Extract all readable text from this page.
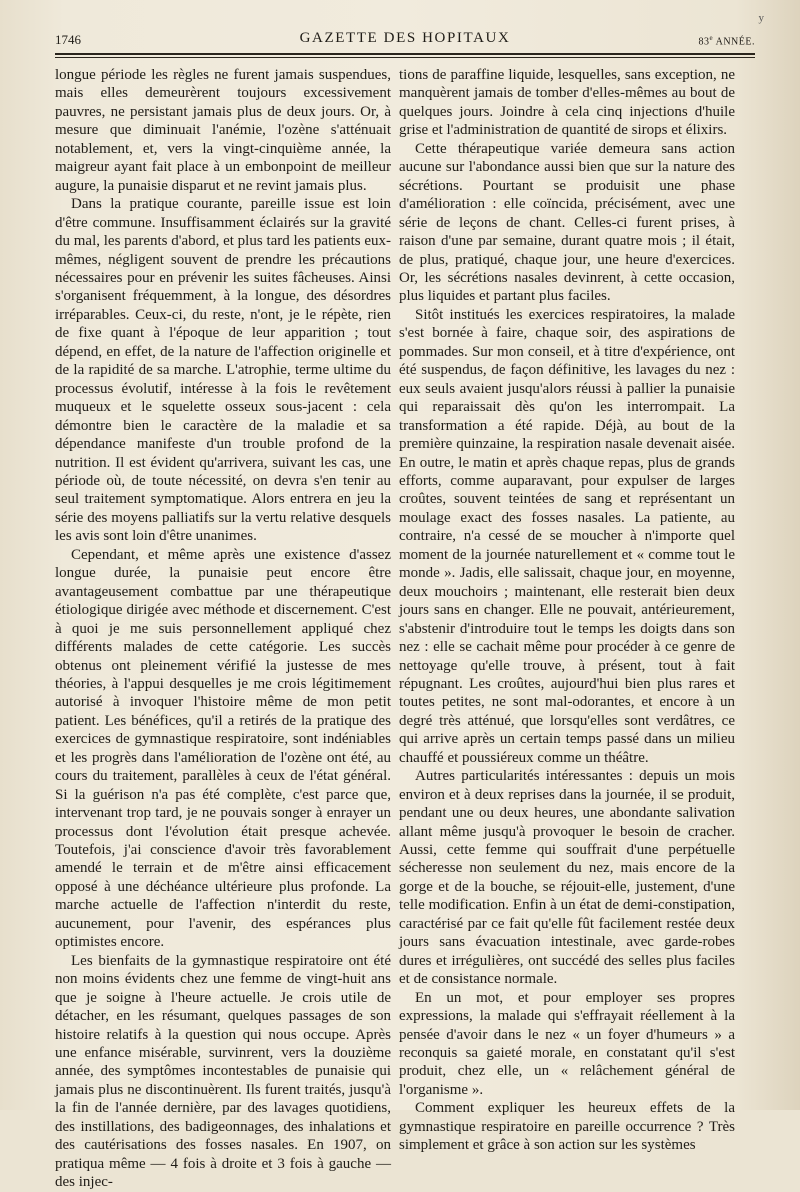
y
1746	GAZETTE DES HOPITAUX	83e ANNÉE.

longue période les règles ne furent jamais suspendues, mais elles demeurèrent toujours excessivement pauvres, ne persistant jamais plus de deux jours. Or, à mesure que diminuait l'anémie, l'ozène s'atténuait notablement, et, vers la vingt-cinquième année, la maigreur ayant fait place à un embonpoint de meilleur augure, la punaisie disparut et ne revint jamais plus.

Dans la pratique courante, pareille issue est loin d'être commune. Insuffisamment éclairés sur la gravité du mal, les parents d'abord, et plus tard les patients eux-mêmes, négligent souvent de prendre les précautions nécessaires pour en prévenir les suites fâcheuses. Ainsi s'organisent fréquemment, à la longue, des désordres irréparables. Ceux-ci, du reste, n'ont, je le répète, rien de fixe quant à l'époque de leur apparition ; tout dépend, en effet, de la nature de l'affection originelle et de la rapidité de sa marche. L'atrophie, terme ultime du processus évolutif, intéresse à la fois le revêtement muqueux et le squelette osseux sous-jacent : cela démontre bien le caractère de la maladie et sa dépendance manifeste d'un trouble profond de la nutrition. Il est évident qu'arrivera, suivant les cas, une période où, de toute nécessité, on devra s'en tenir au seul traitement symptomatique. Alors entrera en jeu la série des moyens palliatifs sur la vertu relative desquels les avis sont loin d'être unanimes.

Cependant, et même après une existence d'assez longue durée, la punaisie peut encore être avantageusement combattue par une thérapeutique étiologique dirigée avec méthode et discernement. C'est à quoi je me suis personnellement appliqué chez différents malades de cette catégorie. Les succès obtenus ont pleinement vérifié la justesse de mes théories, à l'appui desquelles je me crois légitimement autorisé à invoquer l'histoire même de mon petit patient. Les bénéfices, qu'il a retirés de la pratique des exercices de gymnastique respiratoire, sont indéniables et les progrès dans l'amélioration de l'ozène ont été, au cours du traitement, parallèles à ceux de l'état général. Si la guérison n'a pas été complète, c'est parce que, intervenant trop tard, je ne pouvais songer à enrayer un processus dont l'évolution était presque achevée. Toutefois, j'ai conscience d'avoir très favorablement amendé le terrain et de m'être ainsi efficacement opposé à une déchéance ultérieure plus profonde. La marche actuelle de l'affection n'interdit du reste, aucunement, pour l'avenir, des espérances plus optimistes encore.

Les bienfaits de la gymnastique respiratoire ont été non moins évidents chez une femme de vingt-huit ans que je soigne à l'heure actuelle. Je crois utile de détacher, en les résumant, quelques passages de son histoire relatifs à la question qui nous occupe. Après une enfance misérable, survinrent, vers la douzième année, des symptômes incontestables de punaisie qui jamais plus ne discontinuèrent. Ils furent traités, jusqu'à la fin de l'année dernière, par des lavages quotidiens, des instillations, des badigeonnages, des inhalations et des cautérisations des fosses nasales. En 1907, on pratiqua même — 4 fois à droite et 3 fois à gauche — des injec-

tions de paraffine liquide, lesquelles, sans exception, ne manquèrent jamais de tomber d'elles-mêmes au bout de quelques jours. Joindre à cela cinq injections d'huile grise et l'administration de quantité de sirops et élixirs.

Cette thérapeutique variée demeura sans action aucune sur l'abondance aussi bien que sur la nature des sécrétions. Pourtant se produisit une phase d'amélioration : elle coïncida, précisément, avec une série de leçons de chant. Celles-ci furent prises, à raison d'une par semaine, durant quatre mois ; il était, de plus, pratiqué, chaque jour, une heure d'exercices. Or, les sécrétions nasales devinrent, à cette occasion, plus liquides et partant plus faciles.

Sitôt institués les exercices respiratoires, la malade s'est bornée à faire, chaque soir, des aspirations de pommades. Sur mon conseil, et à titre d'expérience, ont été suspendus, de façon définitive, les lavages du nez : eux seuls avaient jusqu'alors réussi à pallier la punaisie qui reparaissait dès qu'on les interrompait. La transformation a été rapide. Déjà, au bout de la première quinzaine, la respiration nasale devenait aisée. En outre, le matin et après chaque repas, plus de grands efforts, comme auparavant, pour expulser de larges croûtes, souvent teintées de sang et représentant un moulage exact des fosses nasales. La patiente, au contraire, n'a cessé de se moucher à n'importe quel moment de la journée naturellement et « comme tout le monde ». Jadis, elle salissait, chaque jour, en moyenne, deux mouchoirs ; maintenant, elle resterait bien deux jours sans en changer. Elle ne pouvait, antérieurement, s'abstenir d'introduire tout le temps les doigts dans son nez : elle se cachait même pour procéder à ce genre de nettoyage qu'elle trouve, à présent, tout à fait répugnant. Les croûtes, aujourd'hui bien plus rares et toutes petites, ne sont mal-odorantes, et encore à un degré très atténué, que lorsqu'elles sont verdâtres, ce qui arrive après un certain temps passé dans un milieu chauffé et poussiéreux comme un théâtre.

Autres particularités intéressantes : depuis un mois environ et à deux reprises dans la journée, il se produit, pendant une ou deux heures, une abondante salivation allant même jusqu'à provoquer le besoin de cracher. Aussi, cette femme qui souffrait d'une perpétuelle sécheresse non seulement du nez, mais encore de la gorge et de la bouche, se réjouit-elle, justement, d'une telle modification. Enfin à un état de demi-constipation, caractérisé par ce fait qu'elle fût facilement restée deux jours sans évacuation intestinale, avec garde-robes dures et irrégulières, ont succédé des selles plus faciles et de consistance normale.

En un mot, et pour employer ses propres expressions, la malade qui s'effrayait réellement à la pensée d'avoir dans le nez « un foyer d'humeurs » a reconquis sa gaieté morale, en constatant qu'il s'est produit, chez elle, un « relâchement général de l'organisme ».

Comment expliquer les heureux effets de la gymnastique respiratoire en pareille occurrence ? Très simplement et grâce à son action sur les systèmes
